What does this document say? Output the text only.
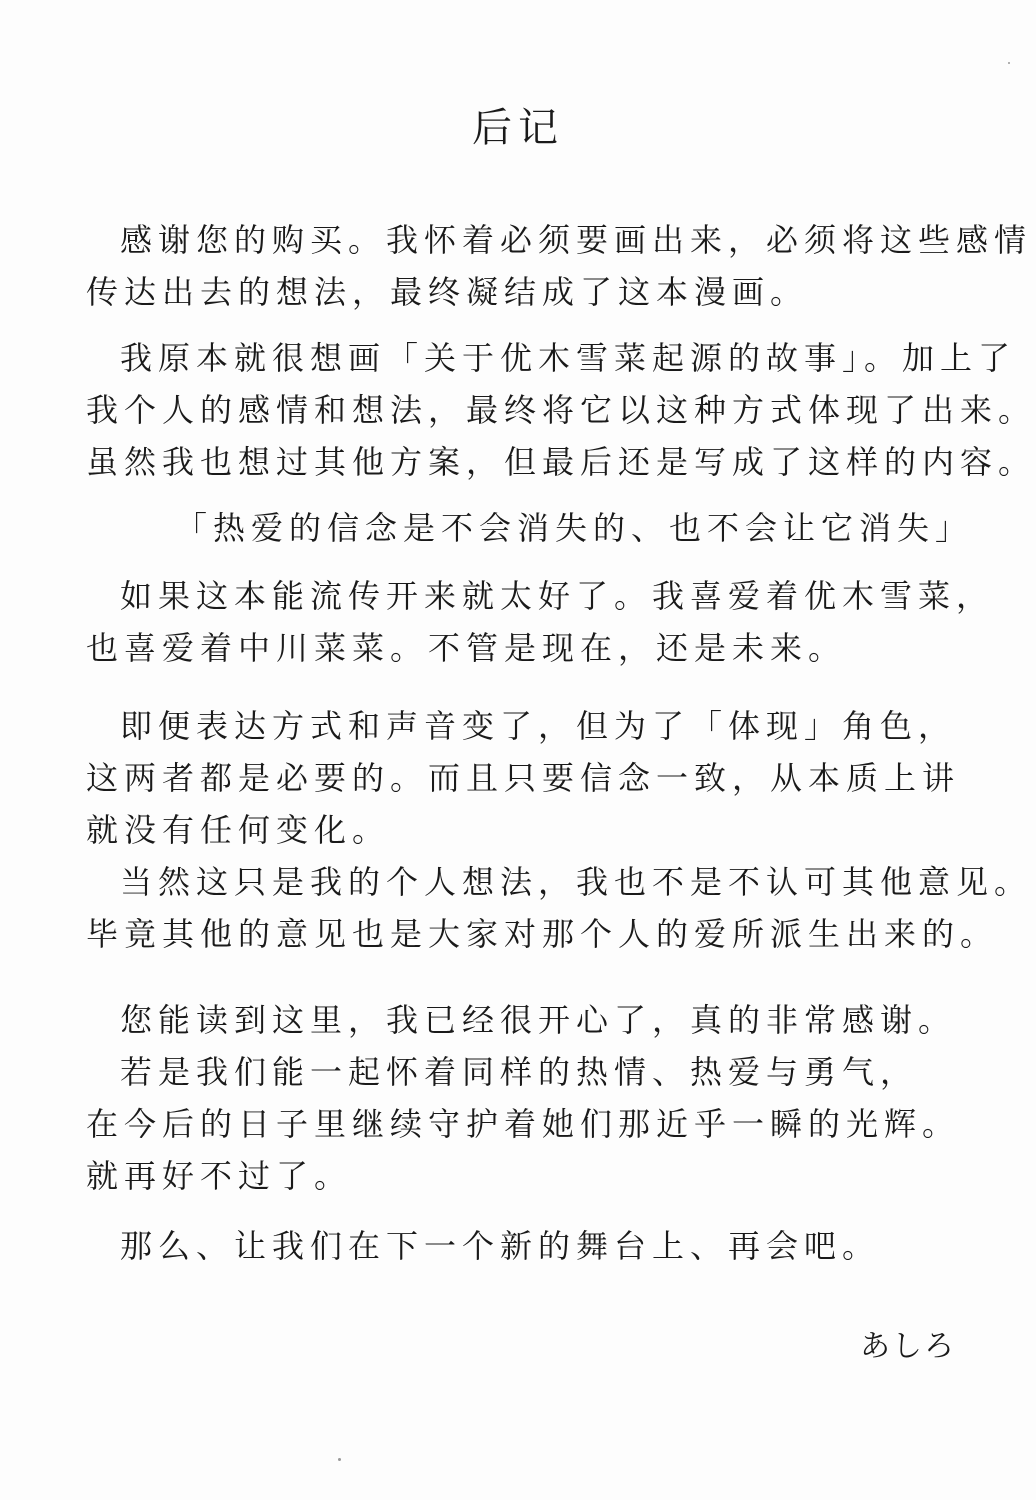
后记
感谢您的购买。我怀着必须要画出来，必须将这些感情
传达出去的想法，最终凝结成了这本漫画。
我原本就很想画「关于优木雪菜起源的故事」。加上了
我个人的感情和想法，最终将它以这种方式体现了出来。
虽然我也想过其他方案，但最后还是写成了这样的内容。
「热爱的信念是不会消失的、也不会让它消失」
如果这本能流传开来就太好了。我喜爱着优木雪菜，
也喜爱着中川菜菜。不管是现在，还是未来。
即便表达方式和声音变了，但为了「体现」角色，
这两者都是必要的。而且只要信念一致，从本质上讲
就没有任何变化。
当然这只是我的个人想法，我也不是不认可其他意见。
毕竟其他的意见也是大家对那个人的爱所派生出来的。
您能读到这里，我已经很开心了，真的非常感谢。
若是我们能一起怀着同样的热情、热爱与勇气，
在今后的日子里继续守护着她们那近乎一瞬的光辉。
就再好不过了。
那么、让我们在下一个新的舞台上、再会吧。
あしろ
